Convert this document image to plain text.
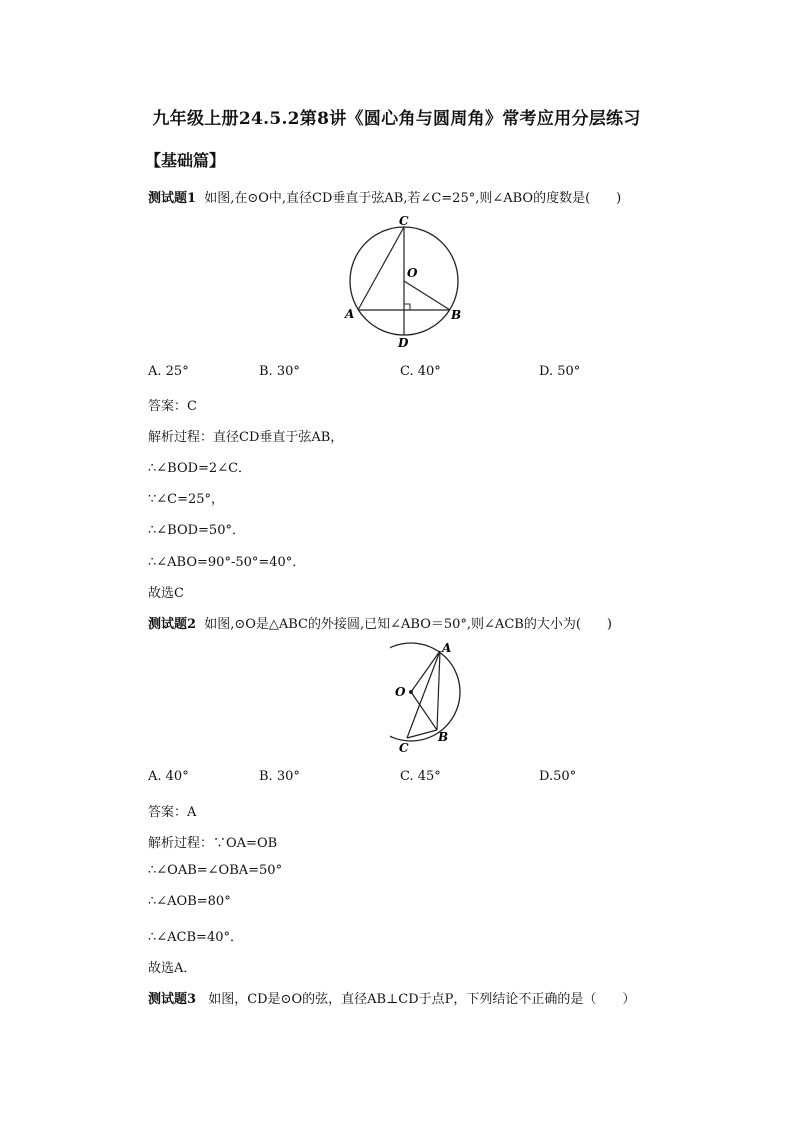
九年级上册24.5.2第8讲《圆心角与圆周角》常考应用分层练习
【基础篇】
测试题1 如图,在⊙O中,直径CD垂直于弦AB,若∠C=25°,则∠ABO的度数是(　　)
C
O
A	B
D
A. 25°	B. 30°	C. 40°	D. 50°
答案：C
解析过程：直径CD垂直于弦AB，
∴∠BOD=2∠C．
∵∠C=25°，
∴∠BOD=50°．
∴∠ABO=90°-50°=40°．
故选C
测试题2 如图,⊙O是△ABC的外接圆,已知∠ABO＝50°,则∠ACB的大小为(　　)
A
O
C
B
A. 40°	B. 30°	C. 45°	D.50°
答案：A
解析过程：∵OA=OB
∴∠OAB=∠OBA=50°
∴∠AOB=80°
∴∠ACB=40°．
故选A．
测试题3 如图，CD是⊙O的弦，直径AB⊥CD于点P，下列结论不正确的是（　　）
